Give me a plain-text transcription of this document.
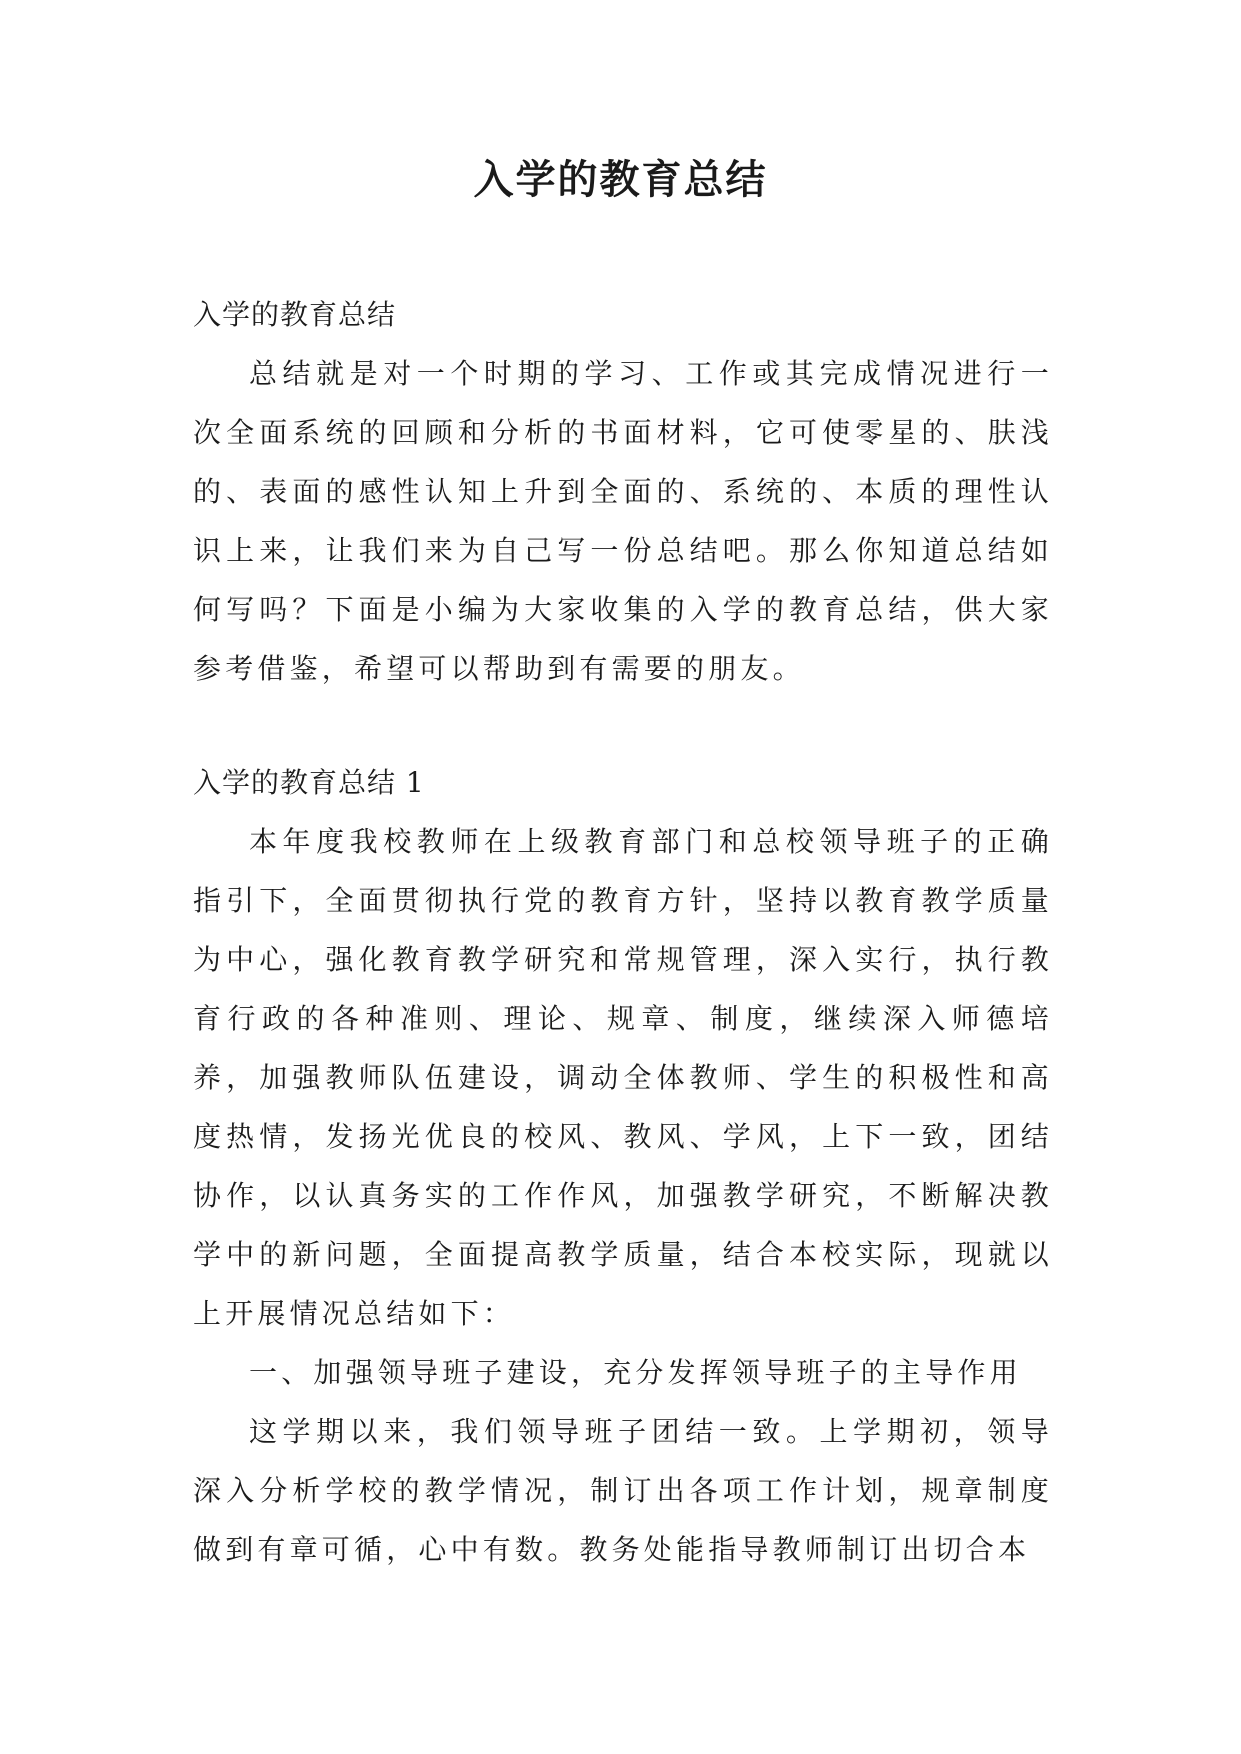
入学的教育总结

入学的教育总结

总结就是对一个时期的学习、工作或其完成情况进行一次全面系统的回顾和分析的书面材料，它可使零星的、肤浅的、表面的感性认知上升到全面的、系统的、本质的理性认识上来，让我们来为自己写一份总结吧。那么你知道总结如何写吗？下面是小编为大家收集的入学的教育总结，供大家参考借鉴，希望可以帮助到有需要的朋友。

入学的教育总结 1

本年度我校教师在上级教育部门和总校领导班子的正确指引下，全面贯彻执行党的教育方针，坚持以教育教学质量为中心，强化教育教学研究和常规管理，深入实行，执行教育行政的各种准则、理论、规章、制度，继续深入师德培养，加强教师队伍建设，调动全体教师、学生的积极性和高度热情，发扬光优良的校风、教风、学风，上下一致，团结协作，以认真务实的工作作风，加强教学研究，不断解决教学中的新问题，全面提高教学质量，结合本校实际，现就以上开展情况总结如下：

一、加强领导班子建设，充分发挥领导班子的主导作用

这学期以来，我们领导班子团结一致。上学期初，领导深入分析学校的教学情况，制订出各项工作计划，规章制度做到有章可循，心中有数。教务处能指导教师制订出切合本
